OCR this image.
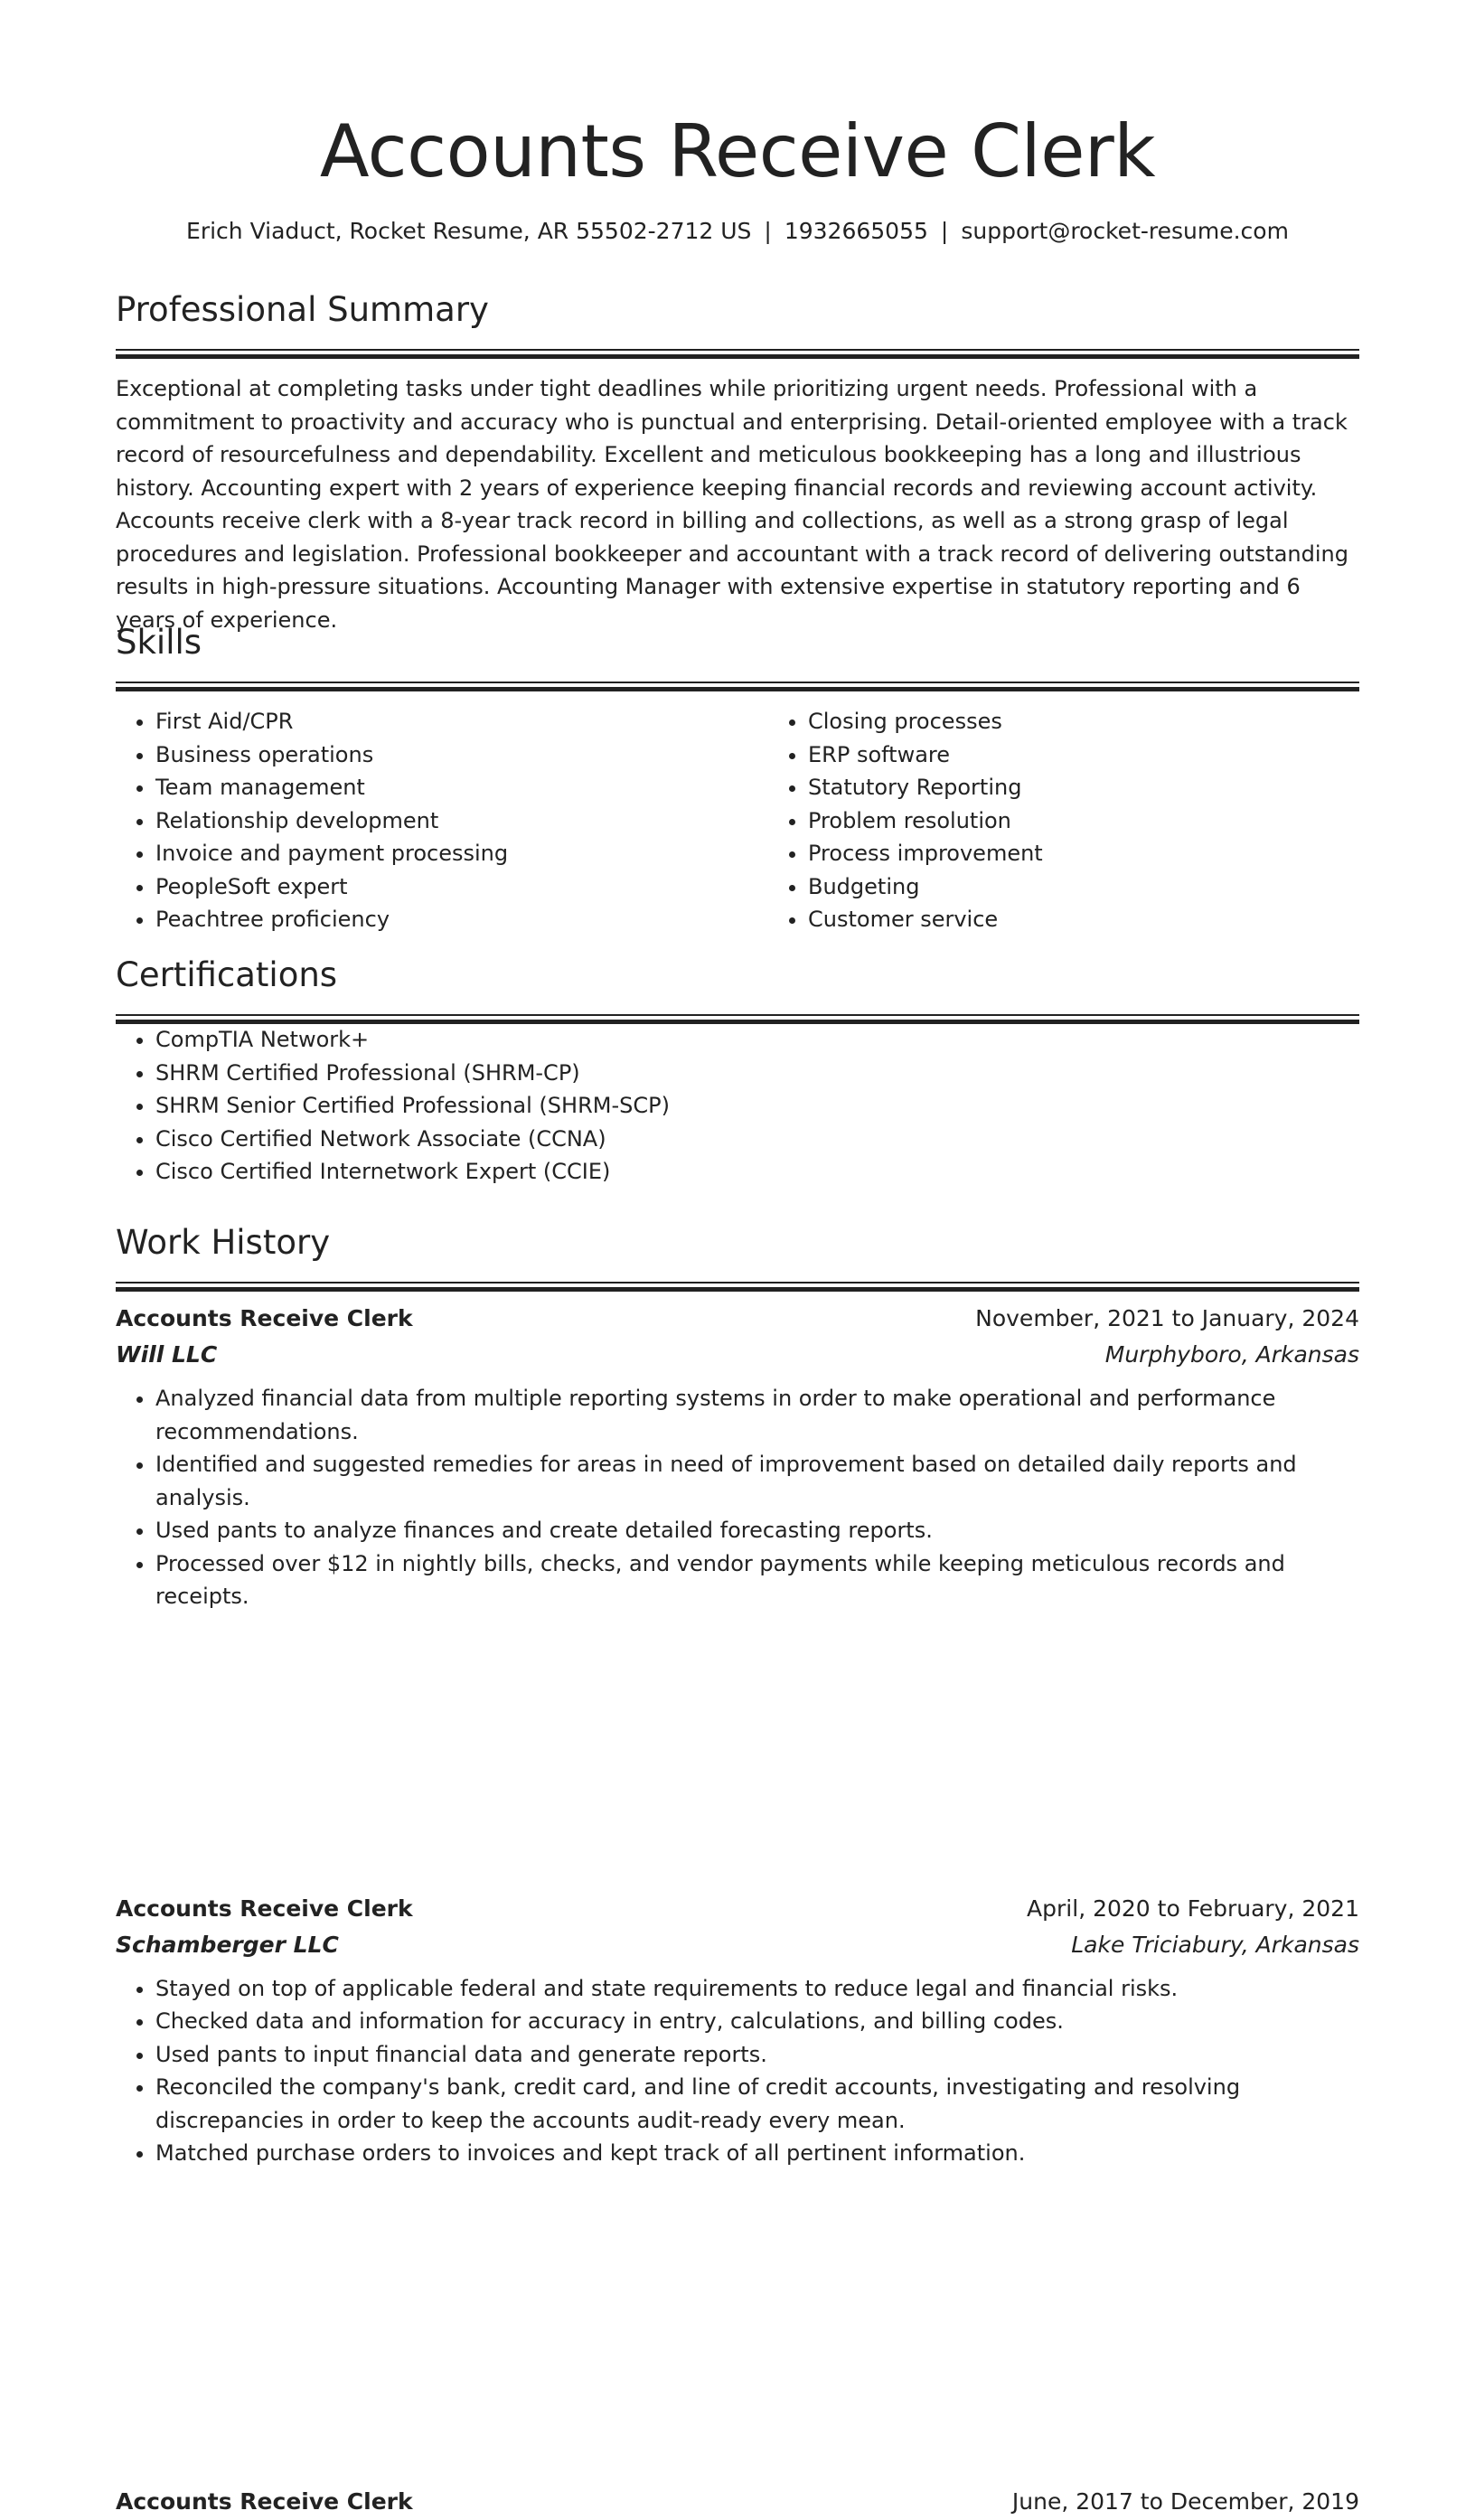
Accounts Receive Clerk
Erich Viaduct, Rocket Resume, AR 55502-2712 US | 1932665055 | support@rocket-resume.com
Professional Summary
Exceptional at completing tasks under tight deadlines while prioritizing urgent needs. Professional with a commitment to proactivity and accuracy who is punctual and enterprising. Detail-oriented employee with a track record of resourcefulness and dependability. Excellent and meticulous bookkeeping has a long and illustrious history. Accounting expert with 2 years of experience keeping financial records and reviewing account activity. Accounts receive clerk with a 8-year track record in billing and collections, as well as a strong grasp of legal procedures and legislation. Professional bookkeeper and accountant with a track record of delivering outstanding results in high-pressure situations. Accounting Manager with extensive expertise in statutory reporting and 6 years of experience.
Skills
• First Aid/CPR
• Business operations
• Team management
• Relationship development
• Invoice and payment processing
• PeopleSoft expert
• Peachtree proficiency
• Closing processes
• ERP software
• Statutory Reporting
• Problem resolution
• Process improvement
• Budgeting
• Customer service
Certifications
• CompTIA Network+
• SHRM Certified Professional (SHRM-CP)
• SHRM Senior Certified Professional (SHRM-SCP)
• Cisco Certified Network Associate (CCNA)
• Cisco Certified Internetwork Expert (CCIE)
Work History
Accounts Receive Clerk	November, 2021 to January, 2024
Will LLC	Murphyboro, Arkansas
• Analyzed financial data from multiple reporting systems in order to make operational and performance recommendations.
• Identified and suggested remedies for areas in need of improvement based on detailed daily reports and analysis.
• Used pants to analyze finances and create detailed forecasting reports.
• Processed over $12 in nightly bills, checks, and vendor payments while keeping meticulous records and receipts.
Accounts Receive Clerk	April, 2020 to February, 2021
Schamberger LLC	Lake Triciabury, Arkansas
• Stayed on top of applicable federal and state requirements to reduce legal and financial risks.
• Checked data and information for accuracy in entry, calculations, and billing codes.
• Used pants to input financial data and generate reports.
• Reconciled the company's bank, credit card, and line of credit accounts, investigating and resolving discrepancies in order to keep the accounts audit-ready every mean.
• Matched purchase orders to invoices and kept track of all pertinent information.
Accounts Receive Clerk	June, 2017 to December, 2019
